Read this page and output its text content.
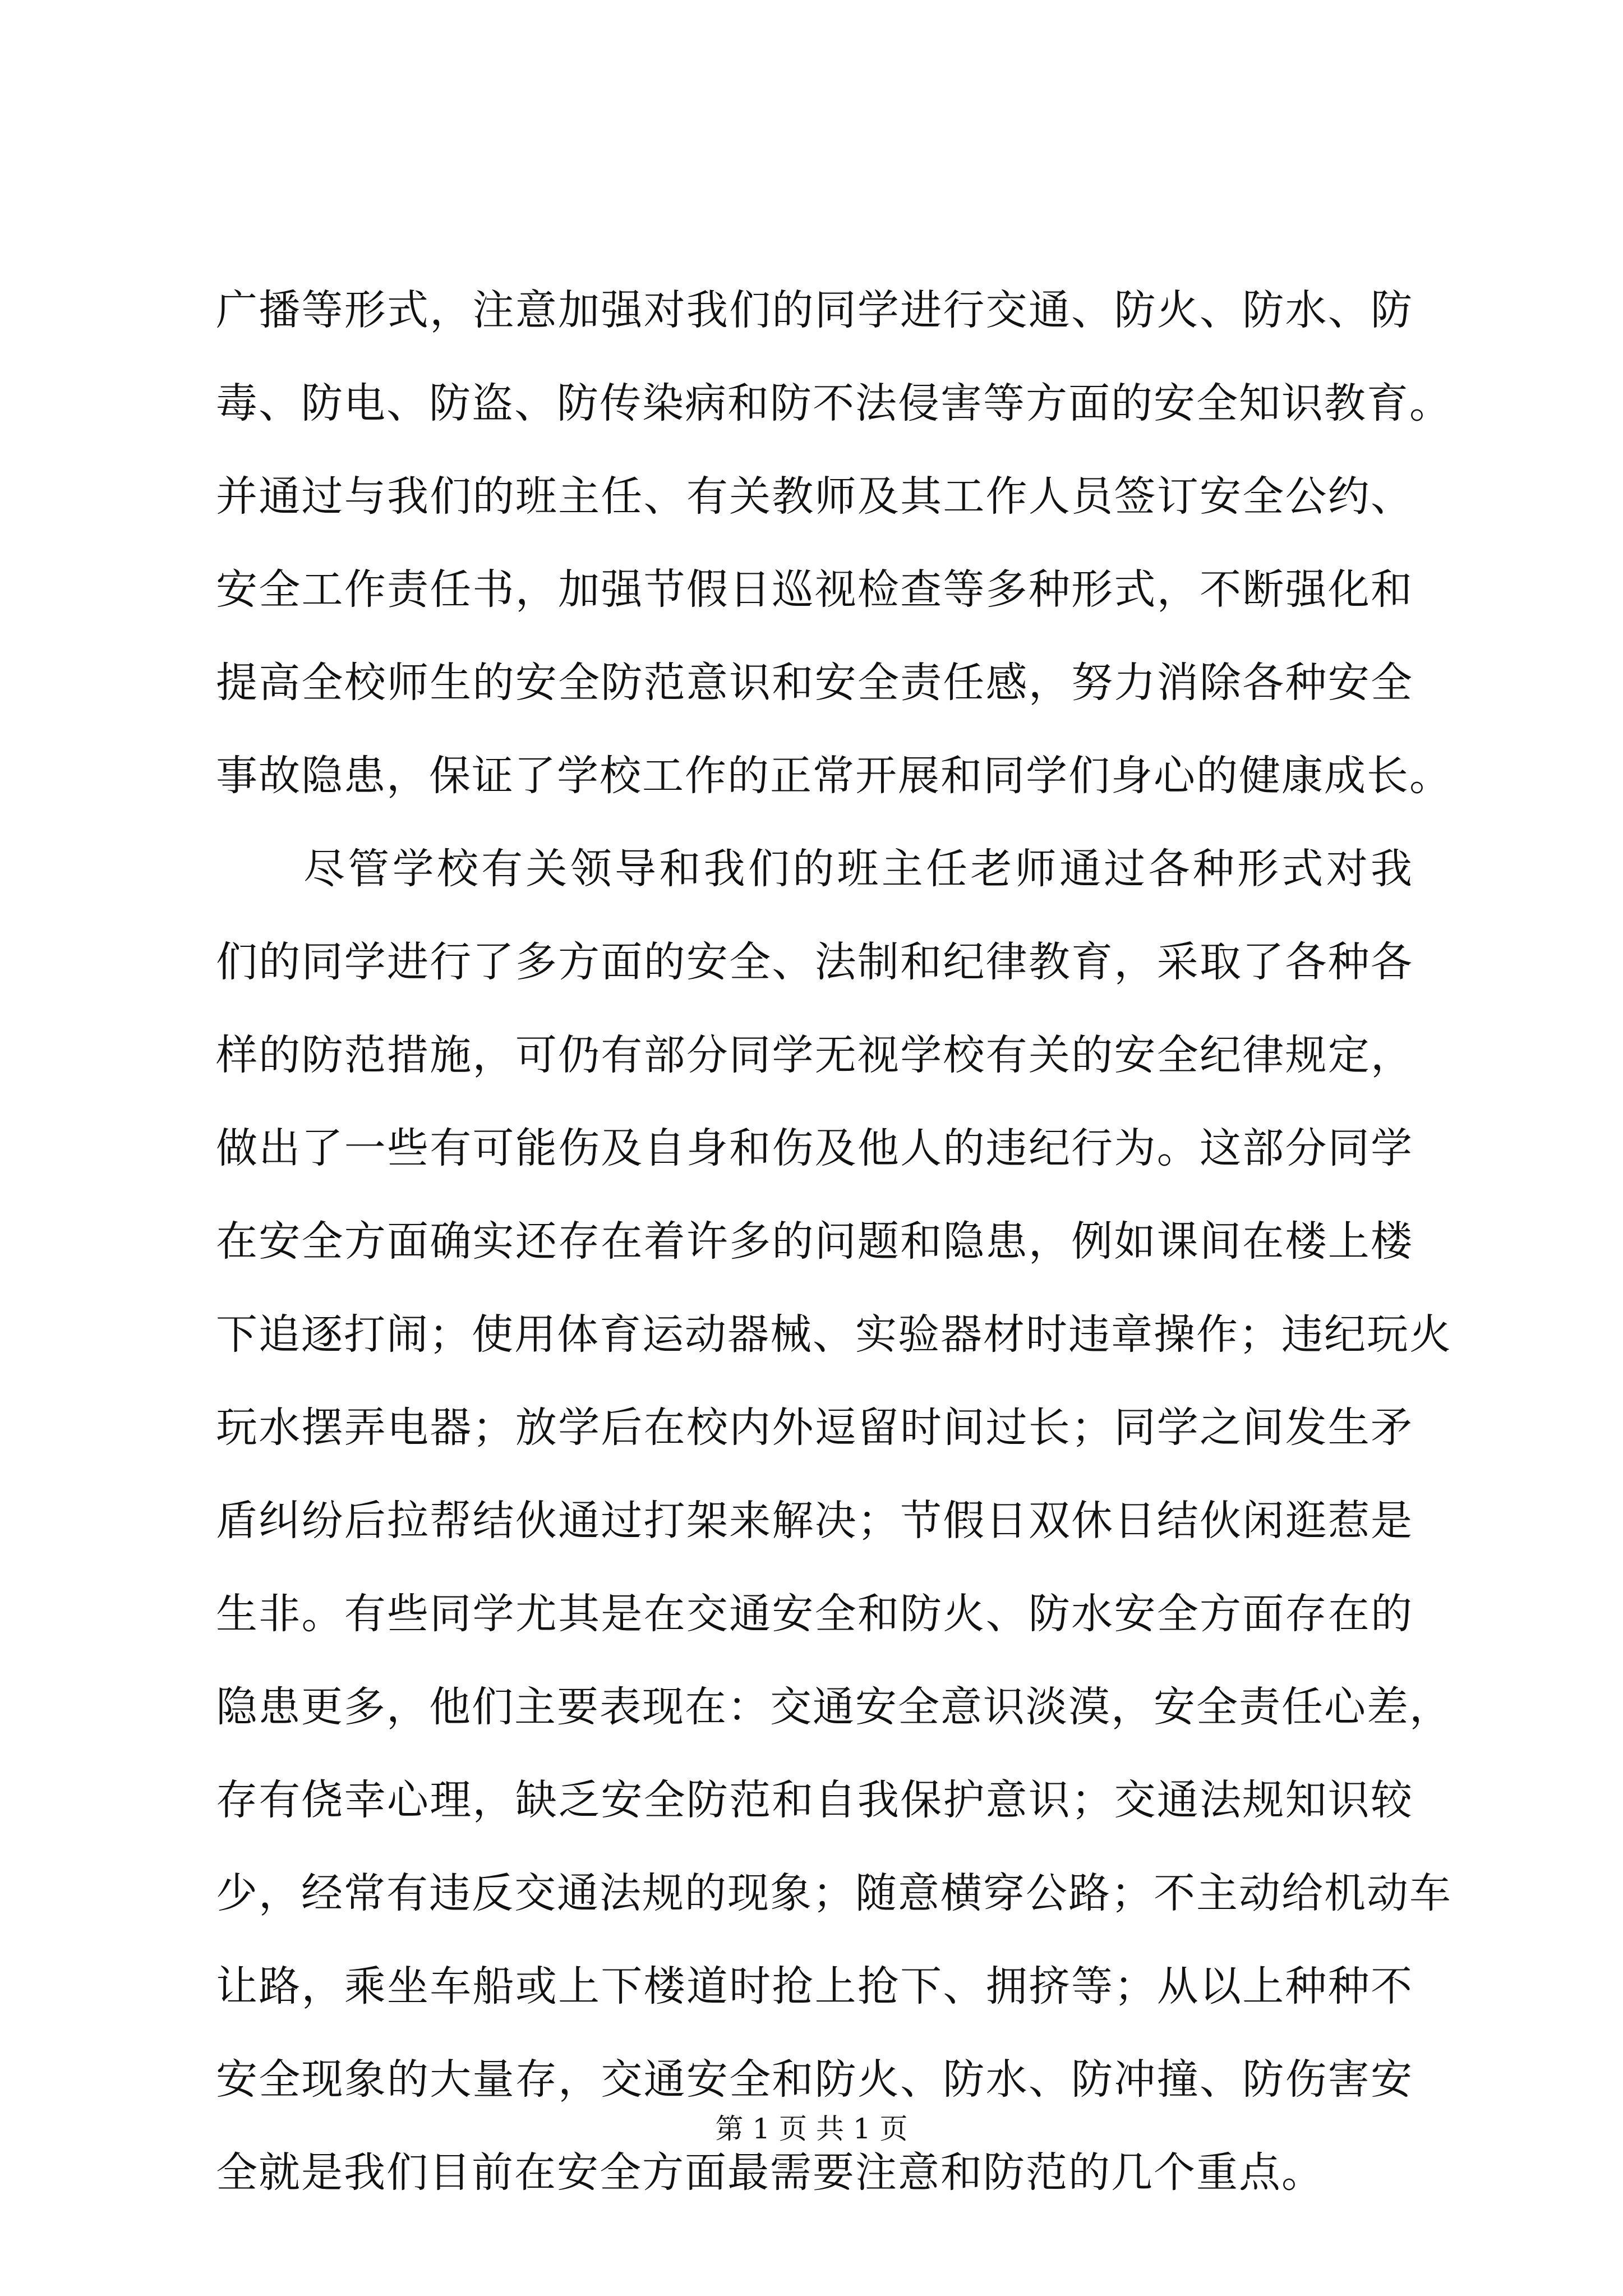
广播等形式，注意加强对我们的同学进行交通、防火、防水、防
毒、防电、防盗、防传染病和防不法侵害等方面的安全知识教育。
并通过与我们的班主任、有关教师及其工作人员签订安全公约、
安全工作责任书，加强节假日巡视检查等多种形式，不断强化和
提高全校师生的安全防范意识和安全责任感，努力消除各种安全
事故隐患，保证了学校工作的正常开展和同学们身心的健康成长。
尽管学校有关领导和我们的班主任老师通过各种形式对我
们的同学进行了多方面的安全、法制和纪律教育，采取了各种各
样的防范措施，可仍有部分同学无视学校有关的安全纪律规定，
做出了一些有可能伤及自身和伤及他人的违纪行为。这部分同学
在安全方面确实还存在着许多的问题和隐患，例如课间在楼上楼
下追逐打闹；使用体育运动器械、实验器材时违章操作；违纪玩火
玩水摆弄电器；放学后在校内外逗留时间过长；同学之间发生矛
盾纠纷后拉帮结伙通过打架来解决；节假日双休日结伙闲逛惹是
生非。有些同学尤其是在交通安全和防火、防水安全方面存在的
隐患更多，他们主要表现在：交通安全意识淡漠，安全责任心差，
存有侥幸心理，缺乏安全防范和自我保护意识；交通法规知识较
少，经常有违反交通法规的现象；随意横穿公路；不主动给机动车
让路，乘坐车船或上下楼道时抢上抢下、拥挤等；从以上种种不
安全现象的大量存，交通安全和防火、防水、防冲撞、防伤害安
全就是我们目前在安全方面最需要注意和防范的几个重点。
第 1 页 共 1 页
